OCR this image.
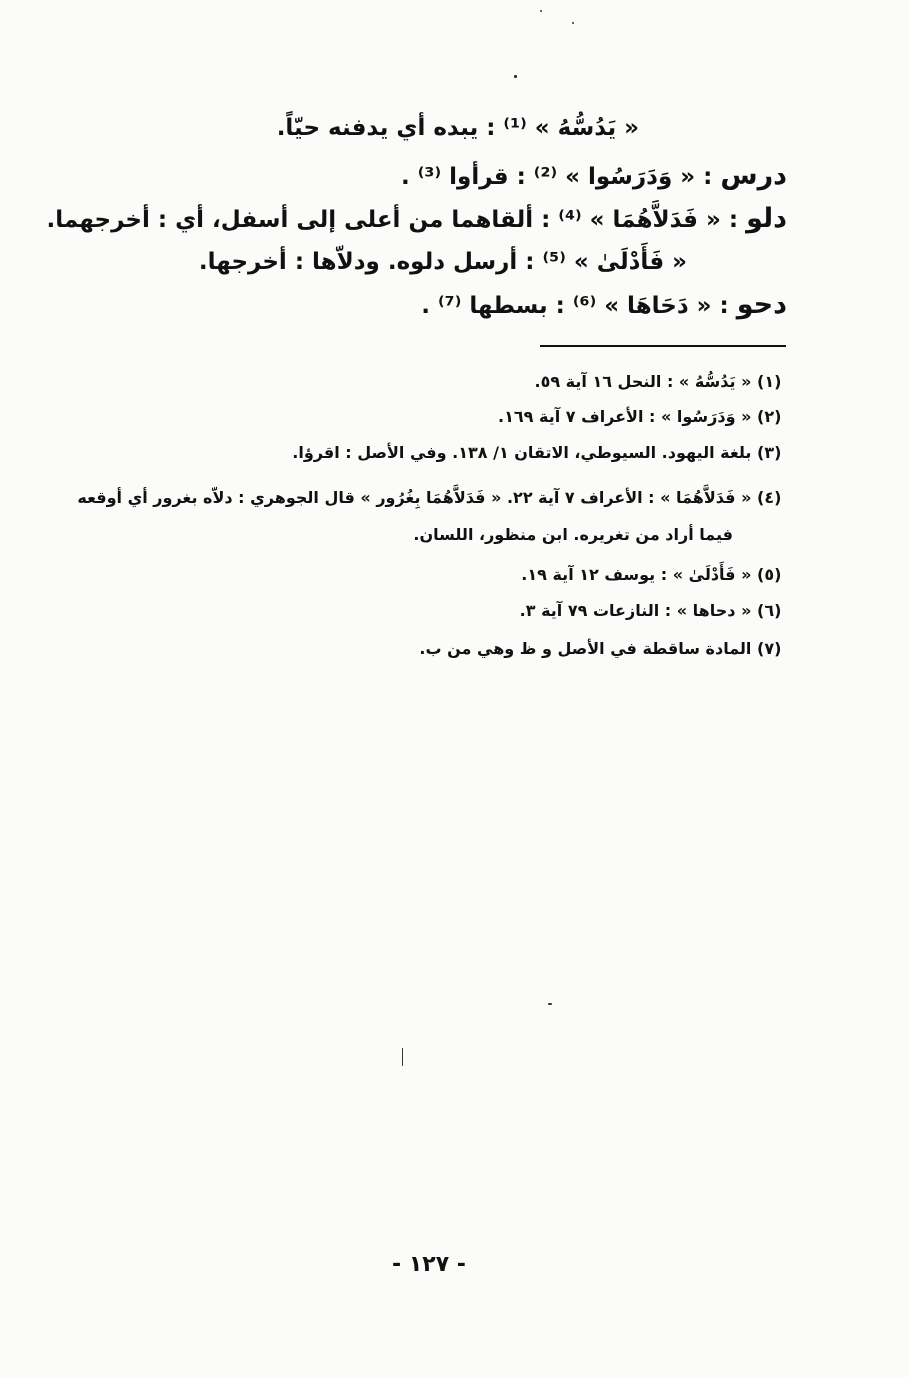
« يَدُسُّهُ » ⁽¹⁾ : يبده أي يدفنه حيّاً.
درس : « وَدَرَسُوا » ⁽²⁾ : قرأوا ⁽³⁾ .
دلو : « فَدَلاَّهُمَا » ⁽⁴⁾ : ألقاهما من أعلى إلى أسفل، أي : أخرجهما.
« فَأَدْلَىٰ » ⁽⁵⁾ : أرسل دلوه. ودلاّها : أخرجها.
دحو : « دَحَاهَا » ⁽⁶⁾ : بسطها ⁽⁷⁾ .
(١) « يَدُسُّهُ » : النحل ١٦ آية ٥٩.
(٢) « وَدَرَسُوا » : الأعراف ٧ آية ١٦٩.
(٣) بلغة اليهود. السيوطي، الاتقان ١/ ١٣٨. وفي الأصل : اقرؤا.
(٤) « فَدَلاَّهُمَا » : الأعراف ٧ آية ٢٢. « فَدَلاَّهُمَا بِغُرُور » قال الجوهري : دلاّه بغرور أي أوقعه
فيما أراد من تغريره. ابن منظور، اللسان.
(٥) « فَأَدْلَىٰ » : يوسف ١٢ آية ١٩.
(٦) « دحاها » : النازعات ٧٩ آية ٣.
(٧) المادة ساقطة في الأصل و ظ وهي من ب.
- ١٢٧ -
